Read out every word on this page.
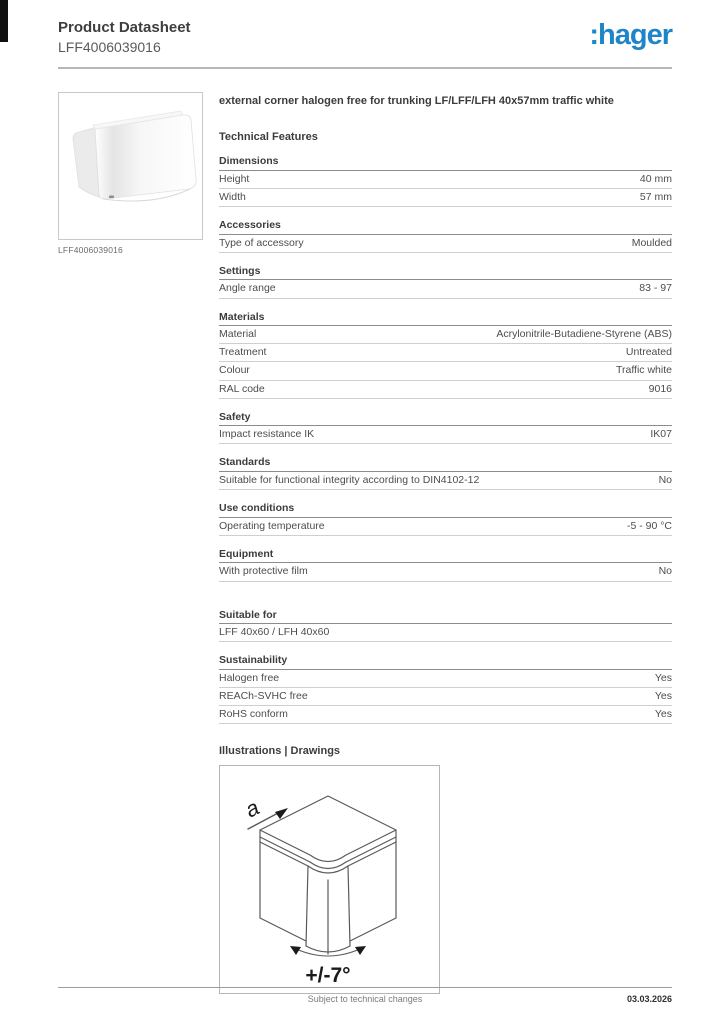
Product Datasheet
LFF4006039016	:hager
LFF4006039016
external corner halogen free for trunking LF/LFF/LFH 40x57mm traffic white
Technical Features
Dimensions
Height	40 mm
Width	57 mm
Accessories
Type of accessory	Moulded
Settings
Angle range	83 - 97
Materials
Material	Acrylonitrile-Butadiene-Styrene (ABS)
Treatment	Untreated
Colour	Traffic white
RAL code	9016
Safety
Impact resistance IK	IK07
Standards
Suitable for functional integrity according to DIN4102-12	No
Use conditions
Operating temperature	-5 - 90 °C
Equipment
With protective film	No
Suitable for
LFF 40x60 / LFH 40x60
Sustainability
Halogen free	Yes
REACh-SVHC free	Yes
RoHS conform	Yes
Illustrations | Drawings
a
+/-7°
Subject to technical changes	03.03.2026
